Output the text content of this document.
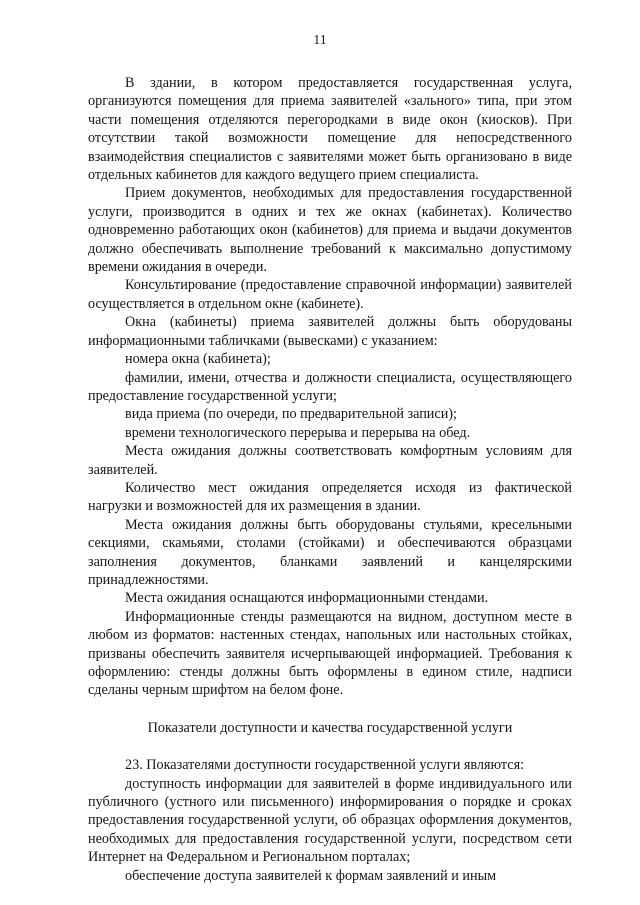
11

В здании, в котором предоставляется государственная услуга, организуются помещения для приема заявителей «зального» типа, при этом части помещения отделяются перегородками в виде окон (киосков). При отсутствии такой возможности помещение для непосредственного взаимодействия специалистов с заявителями может быть организовано в виде отдельных кабинетов для каждого ведущего прием специалиста.

Прием документов, необходимых для предоставления государственной услуги, производится в одних и тех же окнах (кабинетах). Количество одновременно работающих окон (кабинетов) для приема и выдачи документов должно обеспечивать выполнение требований к максимально допустимому времени ожидания в очереди.

Консультирование (предоставление справочной информации) заявителей осуществляется в отдельном окне (кабинете).

Окна (кабинеты) приема заявителей должны быть оборудованы информационными табличками (вывесками) с указанием:

номера окна (кабинета);

фамилии, имени, отчества и должности специалиста, осуществляющего предоставление государственной услуги;

вида приема (по очереди, по предварительной записи);

времени технологического перерыва и перерыва на обед.

Места ожидания должны соответствовать комфортным условиям для заявителей.

Количество мест ожидания определяется исходя из фактической нагрузки и возможностей для их размещения в здании.

Места ожидания должны быть оборудованы стульями, кресельными секциями, скамьями, столами (стойками) и обеспечиваются образцами заполнения документов, бланками заявлений и канцелярскими принадлежностями.

Места ожидания оснащаются информационными стендами.

Информационные стенды размещаются на видном, доступном месте в любом из форматов: настенных стендах, напольных или настольных стойках, призваны обеспечить заявителя исчерпывающей информацией. Требования к оформлению: стенды должны быть оформлены в едином стиле, надписи сделаны черным шрифтом на белом фоне.

Показатели доступности и качества государственной услуги

23. Показателями доступности государственной услуги являются:

доступность информации для заявителей в форме индивидуального или публичного (устного или письменного) информирования о порядке и сроках предоставления государственной услуги, об образцах оформления документов, необходимых для предоставления государственной услуги, посредством сети Интернет на Федеральном и Региональном порталах;

обеспечение доступа заявителей к формам заявлений и иным
